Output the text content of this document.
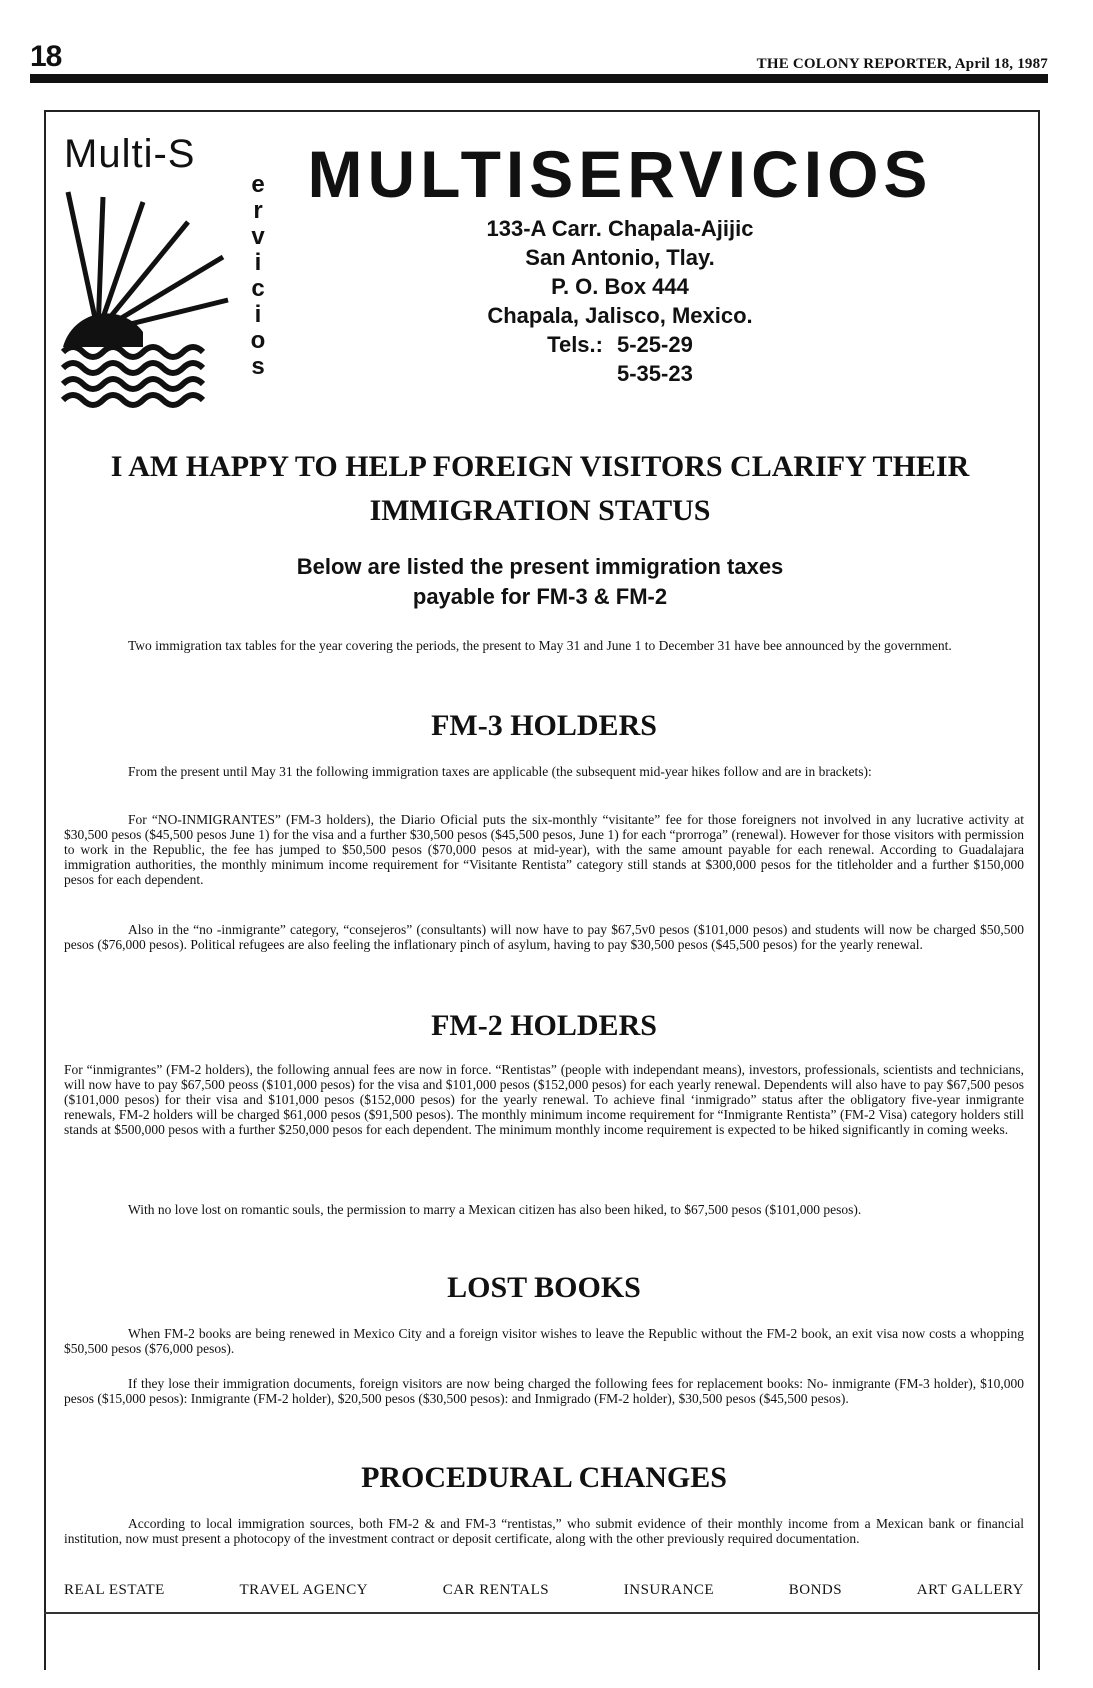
18	THE COLONY REPORTER, April 18, 1987
Multi-S
e
r
v
i
c
i
o
s
MULTISERVICIOS
133-A Carr. Chapala-Ajijic
San Antonio, Tlay.
P. O. Box 444
Chapala, Jalisco, Mexico.
Tels.: 5-25-29
5-35-23
I AM HAPPY TO HELP FOREIGN VISITORS CLARIFY THEIR IMMIGRATION STATUS
Below are listed the present immigration taxes payable for FM-3 & FM-2
Two immigration tax tables for the year covering the periods, the present to May 31 and June 1 to December 31 have bee announced by the government.
FM-3 HOLDERS
From the present until May 31 the following immigration taxes are applicable (the subsequent mid-year hikes follow and are in brackets):
For “NO-INMIGRANTES” (FM-3 holders), the Diario Oficial puts the six-monthly “visitante” fee for those foreigners not involved in any lucrative activity at $30,500 pesos ($45,500 pesos June 1) for the visa and a further $30,500 pesos ($45,500 pesos, June 1) for each “prorroga” (renewal). However for those visitors with permission to work in the Republic, the fee has jumped to $50,500 pesos ($70,000 pesos at mid-year), with the same amount payable for each renewal. According to Guadalajara immigration authorities, the monthly minimum income requirement for “Visitante Rentista” category still stands at $300,000 pesos for the titleholder and a further $150,000 pesos for each dependent.
Also in the “no -inmigrante” category, “consejeros” (consultants) will now have to pay $67,5v0 pesos ($101,000 pesos) and students will now be charged $50,500 pesos ($76,000 pesos). Political refugees are also feeling the inflationary pinch of asylum, having to pay $30,500 pesos ($45,500 pesos) for the yearly renewal.
FM-2 HOLDERS
For “inmigrantes” (FM-2 holders), the following annual fees are now in force. “Rentistas” (people with independant means), investors, professionals, scientists and technicians, will now have to pay $67,500 peoss ($101,000 pesos) for the visa and $101,000 pesos ($152,000 pesos) for each yearly renewal. Dependents will also have to pay $67,500 pesos ($101,000 pesos) for their visa and $101,000 pesos ($152,000 pesos) for the yearly renewal. To achieve final ‘inmigrado” status after the obligatory five-year inmigrante renewals, FM-2 holders will be charged $61,000 pesos ($91,500 pesos). The monthly minimum income requirement for “Inmigrante Rentista” (FM-2 Visa) category holders still stands at $500,000 pesos with a further $250,000 pesos for each dependent. The minimum monthly income requirement is expected to be hiked significantly in coming weeks.
With no love lost on romantic souls, the permission to marry a Mexican citizen has also been hiked, to $67,500 pesos ($101,000 pesos).
LOST BOOKS
When FM-2 books are being renewed in Mexico City and a foreign visitor wishes to leave the Republic without the FM-2 book, an exit visa now costs a whopping $50,500 pesos ($76,000 pesos).
If they lose their immigration documents, foreign visitors are now being charged the following fees for replacement books: No- inmigrante (FM-3 holder), $10,000 pesos ($15,000 pesos): Inmigrante (FM-2 holder), $20,500 pesos ($30,500 pesos): and Inmigrado (FM-2 holder), $30,500 pesos ($45,500 pesos).
PROCEDURAL CHANGES
According to local immigration sources, both FM-2 & and FM-3 “rentistas,” who submit evidence of their monthly income from a Mexican bank or financial institution, now must present a photocopy of the investment contract or deposit certificate, along with the other previously required documentation.
REAL ESTATE	TRAVEL AGENCY	CAR RENTALS	INSURANCE	BONDS	ART GALLERY
